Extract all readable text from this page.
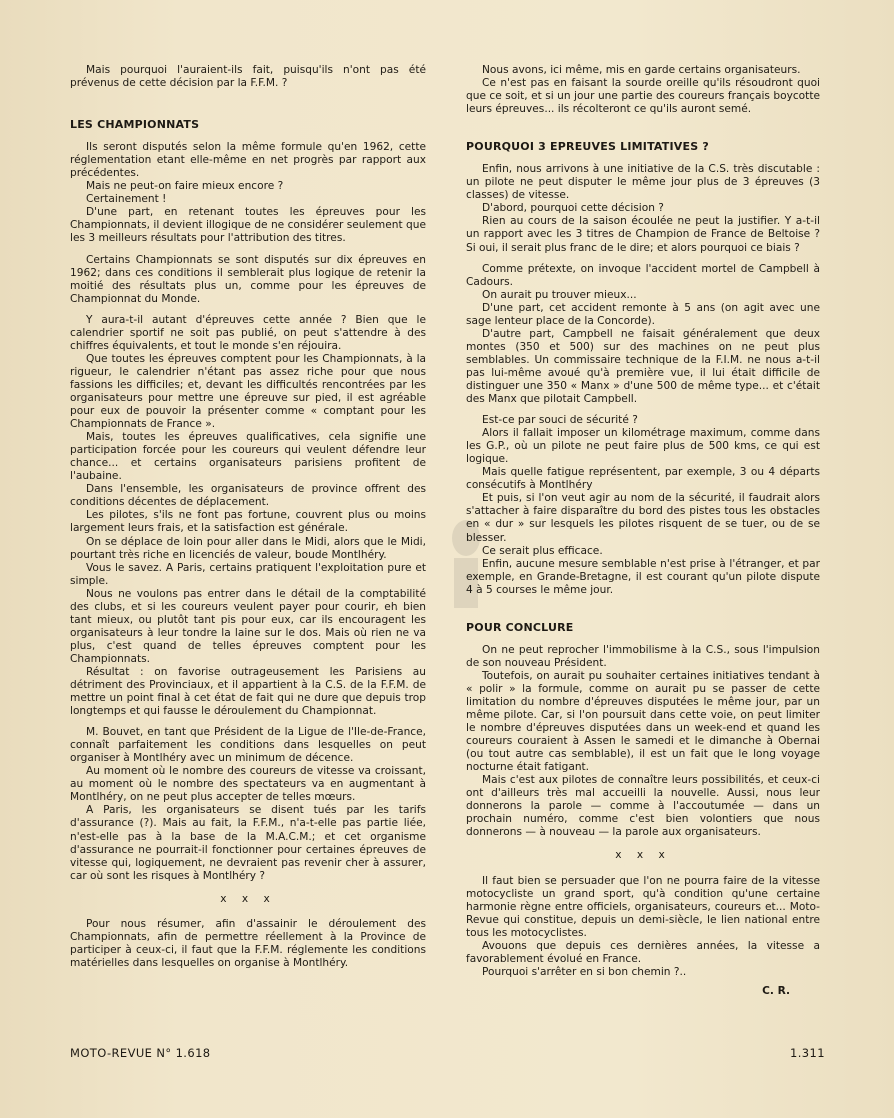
Mais pourquoi l'auraient-ils fait, puisqu'ils n'ont pas été prévenus de cette décision par la F.F.M. ?

LES CHAMPIONNATS

Ils seront disputés selon la même formule qu'en 1962, cette réglementation etant elle-même en net progrès par rapport aux précédentes.

Mais ne peut-on faire mieux encore ?

Certainement !

D'une part, en retenant toutes les épreuves pour les Championnats, il devient illogique de ne considérer seulement que les 3 meilleurs résultats pour l'attribution des titres.

Certains Championnats se sont disputés sur dix épreuves en 1962; dans ces conditions il semblerait plus logique de retenir la moitié des résultats plus un, comme pour les épreuves de Championnat du Monde.

Y aura-t-il autant d'épreuves cette année ? Bien que le calendrier sportif ne soit pas publié, on peut s'attendre à des chiffres équivalents, et tout le monde s'en réjouira.

Que toutes les épreuves comptent pour les Championnats, à la rigueur, le calendrier n'étant pas assez riche pour que nous fassions les difficiles; et, devant les difficultés rencontrées par les organisateurs pour mettre une épreuve sur pied, il est agréable pour eux de pouvoir la présenter comme « comptant pour les Championnats de France ».

Mais, toutes les épreuves qualificatives, cela signifie une participation forcée pour les coureurs qui veulent défendre leur chance... et certains organisateurs parisiens profitent de l'aubaine.

Dans l'ensemble, les organisateurs de province offrent des conditions décentes de déplacement.

Les pilotes, s'ils ne font pas fortune, couvrent plus ou moins largement leurs frais, et la satisfaction est générale.

On se déplace de loin pour aller dans le Midi, alors que le Midi, pourtant très riche en licenciés de valeur, boude Montlhéry.

Vous le savez. A Paris, certains pratiquent l'exploitation pure et simple.

Nous ne voulons pas entrer dans le détail de la comptabilité des clubs, et si les coureurs veulent payer pour courir, eh bien tant mieux, ou plutôt tant pis pour eux, car ils encouragent les organisateurs à leur tondre la laine sur le dos. Mais où rien ne va plus, c'est quand de telles épreuves comptent pour les Championnats.

Résultat : on favorise outrageusement les Parisiens au détriment des Provinciaux, et il appartient à la C.S. de la F.F.M. de mettre un point final à cet état de fait qui ne dure que depuis trop longtemps et qui fausse le déroulement du Championnat.

M. Bouvet, en tant que Président de la Ligue de l'Ile-de-France, connaît parfaitement les conditions dans lesquelles on peut organiser à Montlhéry avec un minimum de décence.

Au moment où le nombre des coureurs de vitesse va croissant, au moment où le nombre des spectateurs va en augmentant à Montlhéry, on ne peut plus accepter de telles mœurs.

A Paris, les organisateurs se disent tués par les tarifs d'assurance (?). Mais au fait, la F.F.M., n'a-t-elle pas partie liée, n'est-elle pas à la base de la M.A.C.M.; et cet organisme d'assurance ne pourrait-il fonctionner pour certaines épreuves de vitesse qui, logiquement, ne devraient pas revenir cher à assurer, car où sont les risques à Montlhéry ?

x x x

Pour nous résumer, afin d'assainir le déroulement des Championnats, afin de permettre réellement à la Province de participer à ceux-ci, il faut que la F.F.M. réglemente les conditions matérielles dans lesquelles on organise à Montlhéry.

Nous avons, ici même, mis en garde certains organisateurs.

Ce n'est pas en faisant la sourde oreille qu'ils résoudront quoi que ce soit, et si un jour une partie des coureurs français boycotte leurs épreuves... ils récolteront ce qu'ils auront semé.

POURQUOI 3 EPREUVES LIMITATIVES ?

Enfin, nous arrivons à une initiative de la C.S. très discutable : un pilote ne peut disputer le même jour plus de 3 épreuves (3 classes) de vitesse.

D'abord, pourquoi cette décision ?

Rien au cours de la saison écoulée ne peut la justifier. Y a-t-il un rapport avec les 3 titres de Champion de France de Beltoise ? Si oui, il serait plus franc de le dire; et alors pourquoi ce biais ?

Comme prétexte, on invoque l'accident mortel de Campbell à Cadours.

On aurait pu trouver mieux...

D'une part, cet accident remonte à 5 ans (on agit avec une sage lenteur place de la Concorde).

D'autre part, Campbell ne faisait généralement que deux montes (350 et 500) sur des machines on ne peut plus semblables. Un commissaire technique de la F.I.M. ne nous a-t-il pas lui-même avoué qu'à première vue, il lui était difficile de distinguer une 350 « Manx » d'une 500 de même type... et c'était des Manx que pilotait Campbell.

Est-ce par souci de sécurité ?

Alors il fallait imposer un kilométrage maximum, comme dans les G.P., où un pilote ne peut faire plus de 500 kms, ce qui est logique.

Mais quelle fatigue représentent, par exemple, 3 ou 4 départs consécutifs à Montlhéry

Et puis, si l'on veut agir au nom de la sécurité, il faudrait alors s'attacher à faire disparaître du bord des pistes tous les obstacles en « dur » sur lesquels les pilotes risquent de se tuer, ou de se blesser.

Ce serait plus efficace.

Enfin, aucune mesure semblable n'est prise à l'étranger, et par exemple, en Grande-Bretagne, il est courant qu'un pilote dispute 4 à 5 courses le même jour.

POUR CONCLURE

On ne peut reprocher l'immobilisme à la C.S., sous l'impulsion de son nouveau Président.

Toutefois, on aurait pu souhaiter certaines initiatives tendant à « polir » la formule, comme on aurait pu se passer de cette limitation du nombre d'épreuves disputées le même jour, par un même pilote. Car, si l'on poursuit dans cette voie, on peut limiter le nombre d'épreuves disputées dans un week-end et quand les coureurs couraient à Assen le samedi et le dimanche à Obernai (ou tout autre cas semblable), il est un fait que le long voyage nocturne était fatigant.

Mais c'est aux pilotes de connaître leurs possibilités, et ceux-ci ont d'ailleurs très mal accueilli la nouvelle. Aussi, nous leur donnerons la parole — comme à l'accoutumée — dans un prochain numéro, comme c'est bien volontiers que nous donnerons — à nouveau — la parole aux organisateurs.

x x x

Il faut bien se persuader que l'on ne pourra faire de la vitesse motocycliste un grand sport, qu'à condition qu'une certaine harmonie règne entre officiels, organisateurs, coureurs et... Moto-Revue qui constitue, depuis un demi-siècle, le lien national entre tous les motocyclistes.

Avouons que depuis ces dernières années, la vitesse a favorablement évolué en France.

Pourquoi s'arrêter en si bon chemin ?..

C. R.
MOTO-REVUE N° 1.618	1.311
